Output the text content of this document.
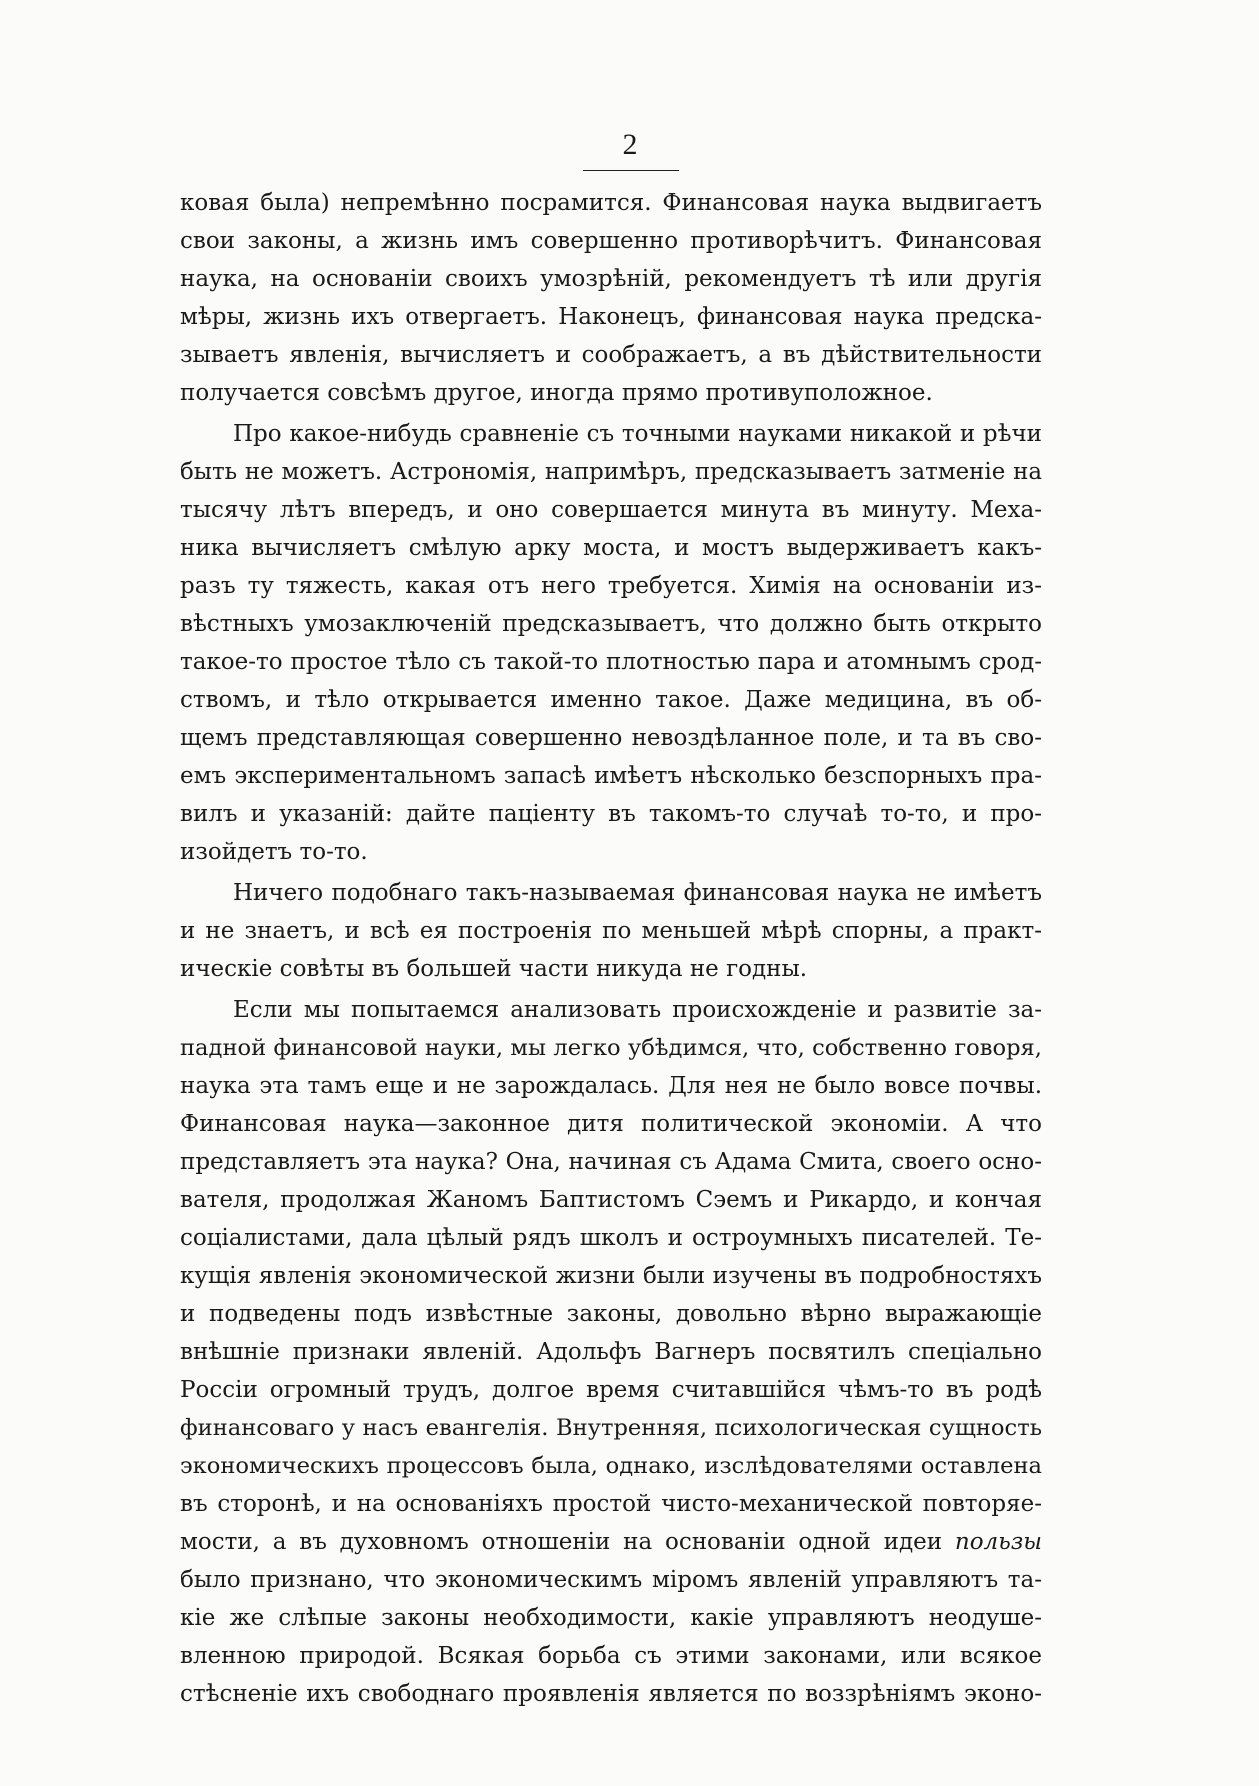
2
ковая была) непремѣнно посрамится. Финансовая наука выдвигаетъ
свои законы, а жизнь имъ совершенно противорѣчитъ. Финансовая
наука, на основаніи своихъ умозрѣній, рекомендуетъ тѣ или другія
мѣры, жизнь ихъ отвергаетъ. Наконецъ, финансовая наука предска-
зываетъ явленія, вычисляетъ и соображаетъ, а въ дѣйствительности
получается совсѣмъ другое, иногда прямо противуположное.
Про какое-нибудь сравненіе съ точными науками никакой и рѣчи
быть не можетъ. Астрономія, напримѣръ, предсказываетъ затменіе на
тысячу лѣтъ впередъ, и оно совершается минута въ минуту. Меха-
ника вычисляетъ смѣлую арку моста, и мостъ выдерживаетъ какъ-
разъ ту тяжесть, какая отъ него требуется. Химія на основаніи из-
вѣстныхъ умозаключеній предсказываетъ, что должно быть открыто
такое-то простое тѣло съ такой-то плотностью пара и атомнымъ срод-
ствомъ, и тѣло открывается именно такое. Даже медицина, въ об-
щемъ представляющая совершенно невоздѣланное поле, и та въ сво-
емъ экспериментальномъ запасѣ имѣетъ нѣсколько безспорныхъ пра-
вилъ и указаній: дайте паціенту въ такомъ-то случаѣ то-то, и про-
изойдетъ то-то.
Ничего подобнаго такъ-называемая финансовая наука не имѣетъ
и не знаетъ, и всѣ ея построенія по меньшей мѣрѣ спорны, а практ-
ическіе совѣты въ большей части никуда не годны.
Если мы попытаемся анализовать происхожденіе и развитіе за-
падной финансовой науки, мы легко убѣдимся, что, собственно говоря,
наука эта тамъ еще и не зарождалась. Для нея не было вовсе почвы.
Финансовая наука—законное дитя политической экономіи. А что
представляетъ эта наука? Она, начиная съ Адама Смита, своего осно-
вателя, продолжая Жаномъ Баптистомъ Сэемъ и Рикардо, и кончая
соціалистами, дала цѣлый рядъ школъ и остроумныхъ писателей. Те-
кущія явленія экономической жизни были изучены въ подробностяхъ
и подведены подъ извѣстные законы, довольно вѣрно выражающіе
внѣшніе признаки явленій. Адольфъ Вагнеръ посвятилъ спеціально
Россіи огромный трудъ, долгое время считавшійся чѣмъ-то въ родѣ
финансоваго у насъ евангелія. Внутренняя, психологическая сущность
экономическихъ процессовъ была, однако, изслѣдователями оставлена
въ сторонѣ, и на основаніяхъ простой чисто-механической повторяе-
мости, а въ духовномъ отношеніи на основаніи одной идеи пользы
было признано, что экономическимъ міромъ явленій управляютъ та-
кіе же слѣпые законы необходимости, какіе управляютъ неодуше-
вленною природой. Всякая борьба съ этими законами, или всякое
стѣсненіе ихъ свободнаго проявленія является по воззрѣніямъ эконо-
